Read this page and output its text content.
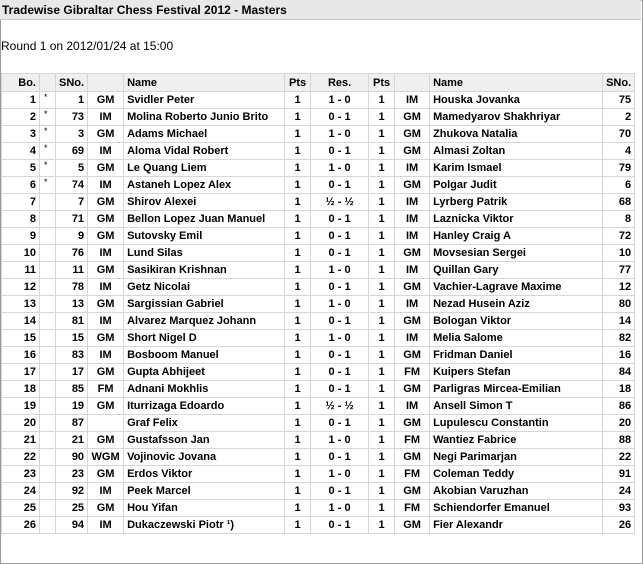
Tradewise Gibraltar Chess Festival 2012 - Masters
Round 1 on 2012/01/24 at 15:00
Bo.		SNo.		Name	Pts	Res.	Pts		Name	SNo.
1	*	1	GM	Svidler Peter	1	1 - 0	1	IM	Houska Jovanka	75
2	*	73	IM	Molina Roberto Junio Brito	1	0 - 1	1	GM	Mamedyarov Shakhriyar	2
3	*	3	GM	Adams Michael	1	1 - 0	1	GM	Zhukova Natalia	70
4	*	69	IM	Aloma Vidal Robert	1	0 - 1	1	GM	Almasi Zoltan	4
5	*	5	GM	Le Quang Liem	1	1 - 0	1	IM	Karim Ismael	79
6	*	74	IM	Astaneh Lopez Alex	1	0 - 1	1	GM	Polgar Judit	6
7		7	GM	Shirov Alexei	1	½ - ½	1	IM	Lyrberg Patrik	68
8		71	GM	Bellon Lopez Juan Manuel	1	0 - 1	1	IM	Laznicka Viktor	8
9		9	GM	Sutovsky Emil	1	0 - 1	1	IM	Hanley Craig A	72
10		76	IM	Lund Silas	1	0 - 1	1	GM	Movsesian Sergei	10
11		11	GM	Sasikiran Krishnan	1	1 - 0	1	IM	Quillan Gary	77
12		78	IM	Getz Nicolai	1	0 - 1	1	GM	Vachier-Lagrave Maxime	12
13		13	GM	Sargissian Gabriel	1	1 - 0	1	IM	Nezad Husein Aziz	80
14		81	IM	Alvarez Marquez Johann	1	0 - 1	1	GM	Bologan Viktor	14
15		15	GM	Short Nigel D	1	1 - 0	1	IM	Melia Salome	82
16		83	IM	Bosboom Manuel	1	0 - 1	1	GM	Fridman Daniel	16
17		17	GM	Gupta Abhijeet	1	0 - 1	1	FM	Kuipers Stefan	84
18		85	FM	Adnani Mokhlis	1	0 - 1	1	GM	Parligras Mircea-Emilian	18
19		19	GM	Iturrizaga Edoardo	1	½ - ½	1	IM	Ansell Simon T	86
20		87		Graf Felix	1	0 - 1	1	GM	Lupulescu Constantin	20
21		21	GM	Gustafsson Jan	1	1 - 0	1	FM	Wantiez Fabrice	88
22		90	WGM	Vojinovic Jovana	1	0 - 1	1	GM	Negi Parimarjan	22
23		23	GM	Erdos Viktor	1	1 - 0	1	FM	Coleman Teddy	91
24		92	IM	Peek Marcel	1	0 - 1	1	GM	Akobian Varuzhan	24
25		25	GM	Hou Yifan	1	1 - 0	1	FM	Schiendorfer Emanuel	93
26		94	IM	Dukaczewski Piotr ¹)	1	0 - 1	1	GM	Fier Alexandr	26
